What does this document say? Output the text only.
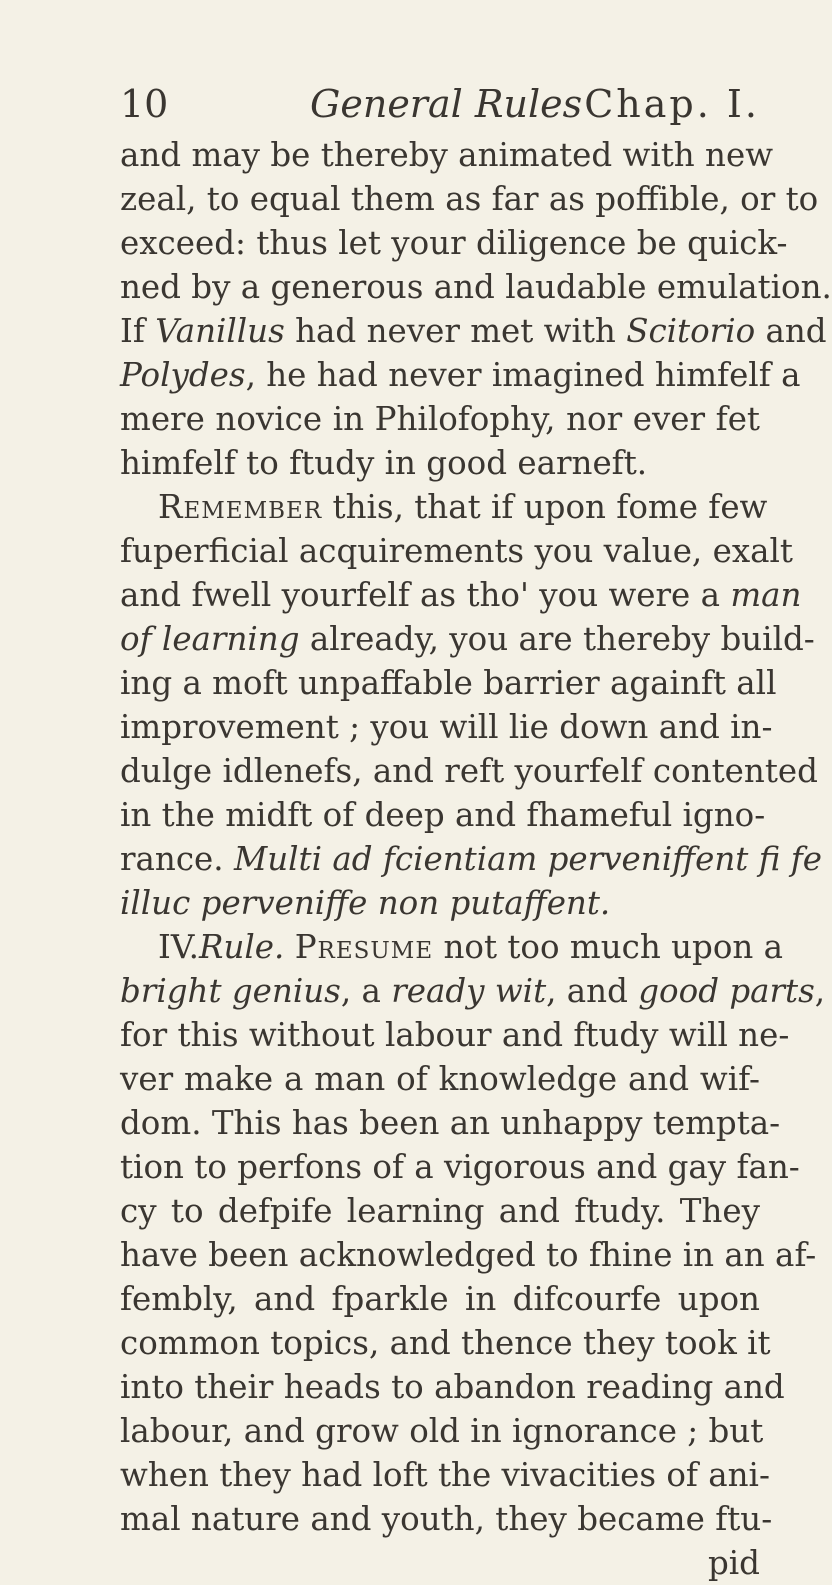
10	General Rules Chap. I.
and may be thereby animated with new
zeal, to equal them as far as poffible, or to
exceed: thus let your diligence be quick-
ned by a generous and laudable emulation.
If Vanillus had never met with Scitorio and
Polydes, he had never imagined himfelf a
mere novice in Philofophy, nor ever fet
himfelf to ftudy in good earneft.
Remember this, that if upon fome few
fuperficial acquirements you value, exalt
and fwell yourfelf as tho' you were a man
of learning already, you are thereby build-
ing a moft unpaffable barrier againft all
improvement ; you will lie down and in-
dulge idlenefs, and reft yourfelf contented
in the midft of deep and fhameful igno-
rance. Multi ad fcientiam perveniffent fi fe
illuc perveniffe non putaffent.
IV.Rule. Presume not too much upon a
bright genius, a ready wit, and good parts,
for this without labour and ftudy will ne-
ver make a man of knowledge and wif-
dom. This has been an unhappy tempta-
tion to perfons of a vigorous and gay fan-
cy to defpife learning and ftudy. They
have been acknowledged to fhine in an af-
fembly, and fparkle in difcourfe upon
common topics, and thence they took it
into their heads to abandon reading and
labour, and grow old in ignorance ; but
when they had loft the vivacities of ani-
mal nature and youth, they became ftu-
pid
